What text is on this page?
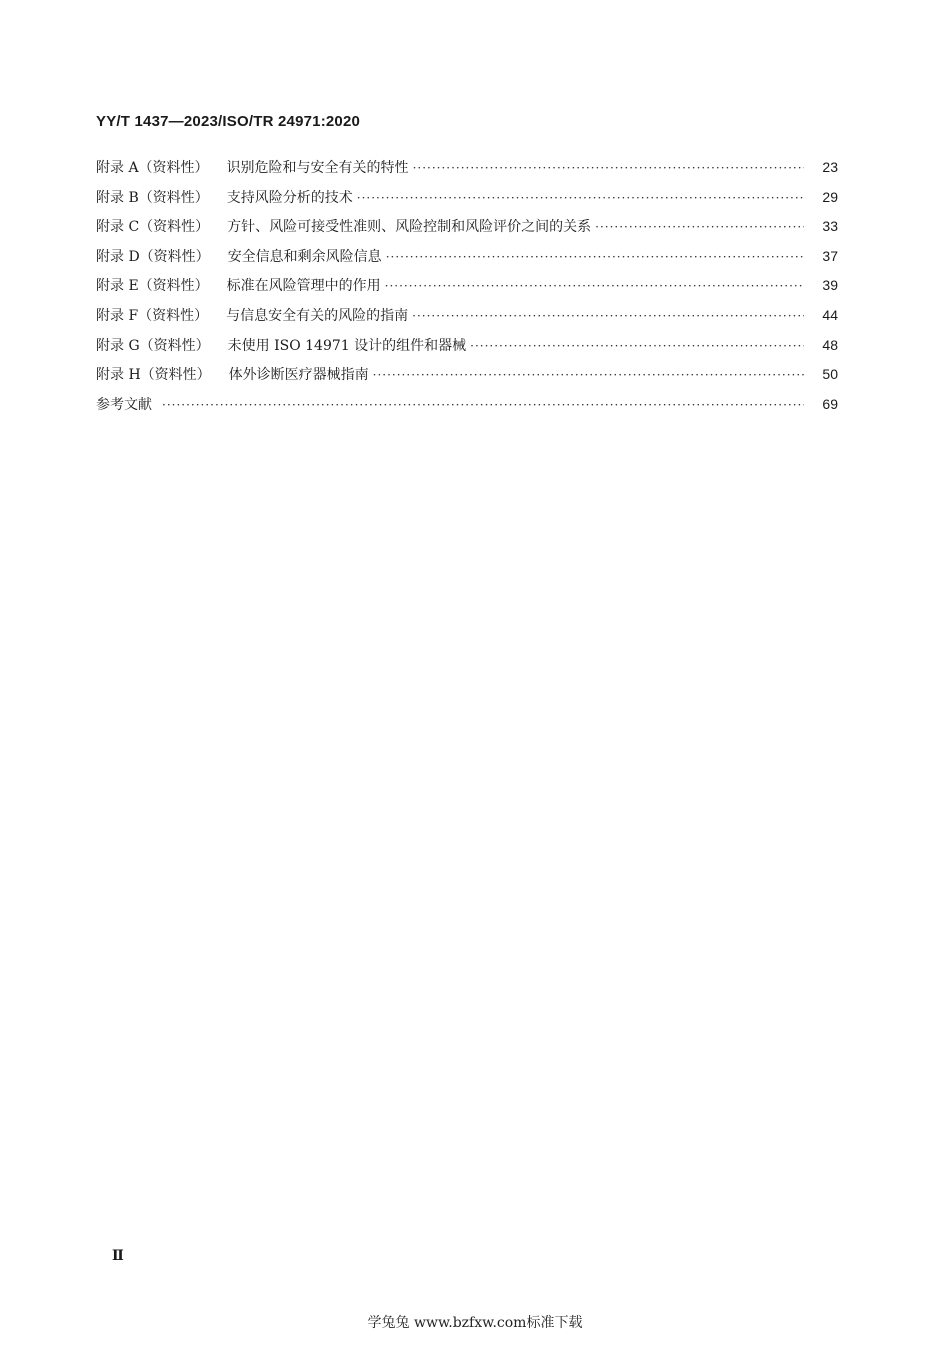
YY/T 1437—2023/ISO/TR 24971:2020
附录 A（资料性） 识别危险和与安全有关的特性 ·····	23
附录 B（资料性） 支持风险分析的技术 ·····	29
附录 C（资料性） 方针、风险可接受性准则、风险控制和风险评价之间的关系 ·····	33
附录 D（资料性） 安全信息和剩余风险信息 ·····	37
附录 E（资料性） 标准在风险管理中的作用 ·····	39
附录 F（资料性） 与信息安全有关的风险的指南 ·····	44
附录 G（资料性） 未使用 ISO 14971 设计的组件和器械 ·····	48
附录 H（资料性） 体外诊断医疗器械指南 ·····	50
参考文献 ·····	69
Ⅱ
学兔兔 www.bzfxw.com标准下载
